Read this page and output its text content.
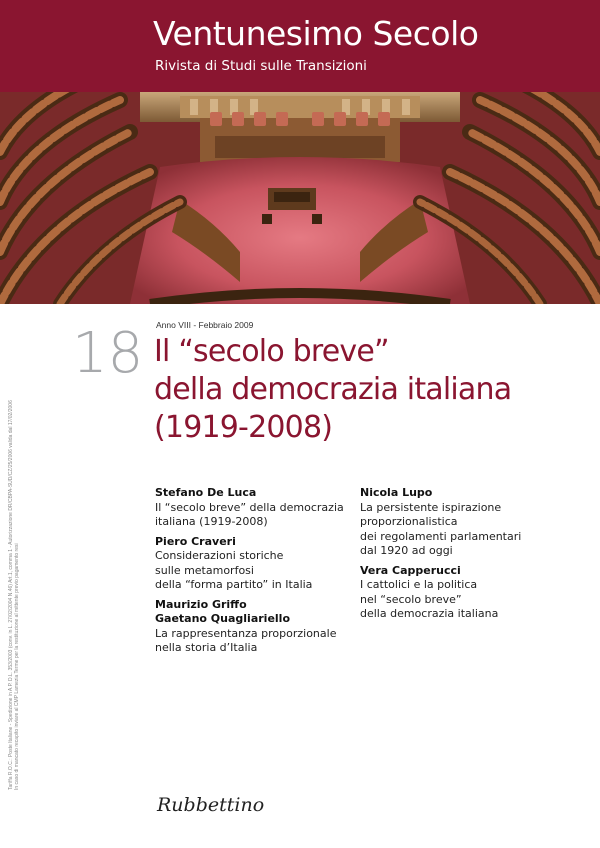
Ventunesimo Secolo
Rivista di Studi sulle Transizioni
18 Anno VIII - Febbraio 2009
Il “secolo breve”
della democrazia italiana
(1919-2008)
Stefano De Luca
Il “secolo breve” della democrazia
italiana (1919-2008)
Piero Craveri
Considerazioni storiche
sulle metamorfosi
della “forma partito” in Italia
Maurizio Griffo
Gaetano Quagliariello
La rappresentanza proporzionale
nella storia d’Italia
Nicola Lupo
La persistente ispirazione
proporzionalistica
dei regolamenti parlamentari
dal 1920 ad oggi
Vera Capperucci
I cattolici e la politica
nel “secolo breve”
della democrazia italiana
Tariffa R.O.C.: Poste Italiane - Spedizione in A.P. D.L. 353/2003 (conv. in L. 27/02/2004 N.46) Art.1, comma 1 - Autorizzazione DR/CBPA-SUD/CZ/25/2006 valida dal 17/02/2006 In caso di mancato recapito inviare al CMP Lamezia Terme per la restituzione al mittente previo pagamento resi
Rubbettino
